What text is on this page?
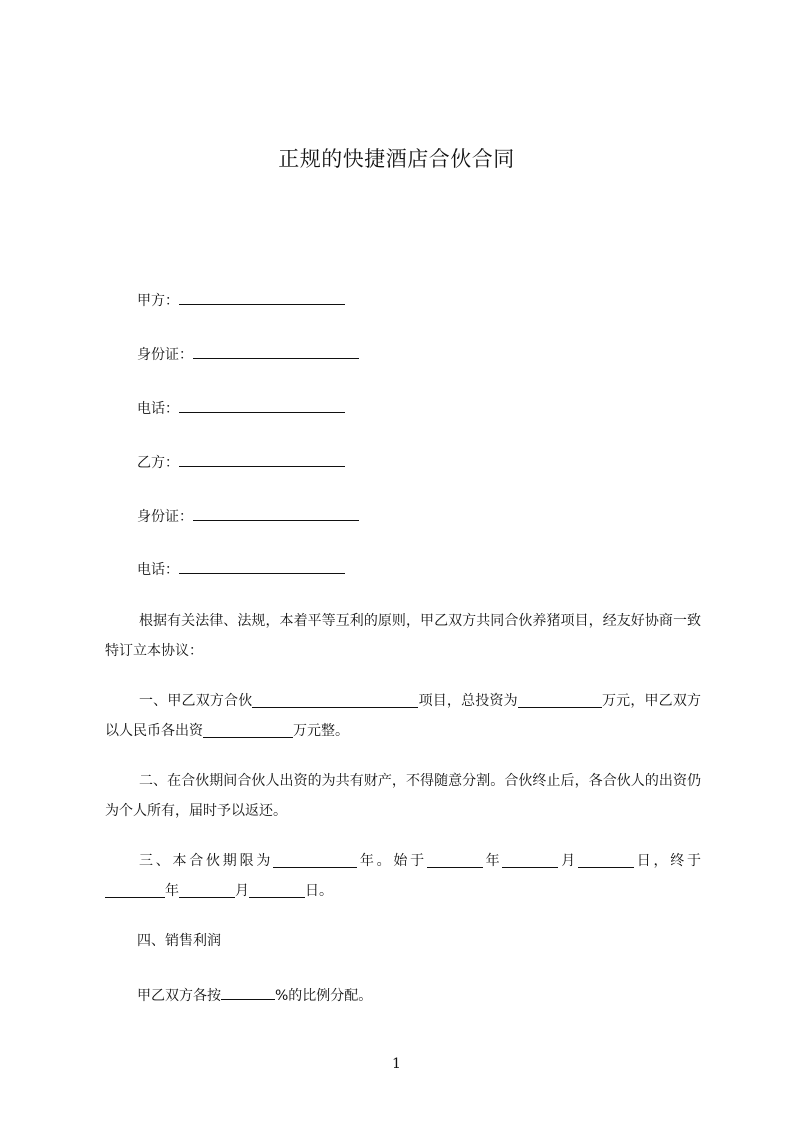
正规的快捷酒店合伙合同
甲方：
身份证：
电话：
乙方：
身份证：
电话：
根据有关法律、法规，本着平等互利的原则，甲乙双方共同合伙养猪项目，经友好协商一致特订立本协议：
一、甲乙双方合伙	项目，总投资为	万元，甲乙双方以人民币各出资	万元整。
二、在合伙期间合伙人出资的为共有财产，不得随意分割。合伙终止后，各合伙人的出资仍为个人所有，届时予以返还。
三、本合伙期限为	年。始于	年	月	日，终于年	月	日。
四、销售利润
甲乙双方各按	%的比例分配。
1
